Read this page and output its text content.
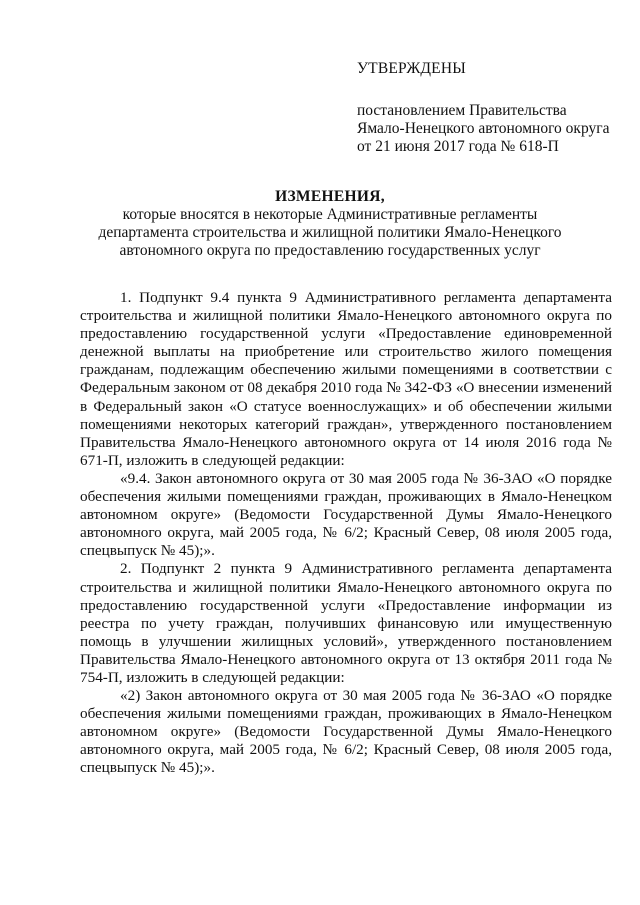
УТВЕРЖДЕНЫ
постановлением Правительства
Ямало-Ненецкого автономного округа
от 21 июня 2017 года № 618-П
ИЗМЕНЕНИЯ,
которые вносятся в некоторые Административные регламенты
департамента строительства и жилищной политики Ямало-Ненецкого
автономного округа по предоставлению государственных услуг

1. Подпункт 9.4 пункта 9 Административного регламента департамента строительства и жилищной политики Ямало-Ненецкого автономного округа по предоставлению государственной услуги «Предоставление единовременной денежной выплаты на приобретение или строительство жилого помещения гражданам, подлежащим обеспечению жилыми помещениями в соответствии с Федеральным законом от 08 декабря 2010 года № 342-ФЗ «О внесении изменений в Федеральный закон «О статусе военнослужащих» и об обеспечении жилыми помещениями некоторых категорий граждан», утвержденного постановлением Правительства Ямало-Ненецкого автономного округа от 14 июля 2016 года № 671-П, изложить в следующей редакции:

«9.4. Закон автономного округа от 30 мая 2005 года № 36-ЗАО «О порядке обеспечения жилыми помещениями граждан, проживающих в Ямало-Ненецком автономном округе» (Ведомости Государственной Думы Ямало-Ненецкого автономного округа, май 2005 года, № 6/2; Красный Север, 08 июля 2005 года, спецвыпуск № 45);».

2. Подпункт 2 пункта 9 Административного регламента департамента строительства и жилищной политики Ямало-Ненецкого автономного округа по предоставлению государственной услуги «Предоставление информации из реестра по учету граждан, получивших финансовую или имущественную помощь в улучшении жилищных условий», утвержденного постановлением Правительства Ямало-Ненецкого автономного округа от 13 октября 2011 года № 754-П, изложить в следующей редакции:

«2) Закон автономного округа от 30 мая 2005 года № 36-ЗАО «О порядке обеспечения жилыми помещениями граждан, проживающих в Ямало-Ненецком автономном округе» (Ведомости Государственной Думы Ямало-Ненецкого автономного округа, май 2005 года, № 6/2; Красный Север, 08 июля 2005 года, спецвыпуск № 45);».
